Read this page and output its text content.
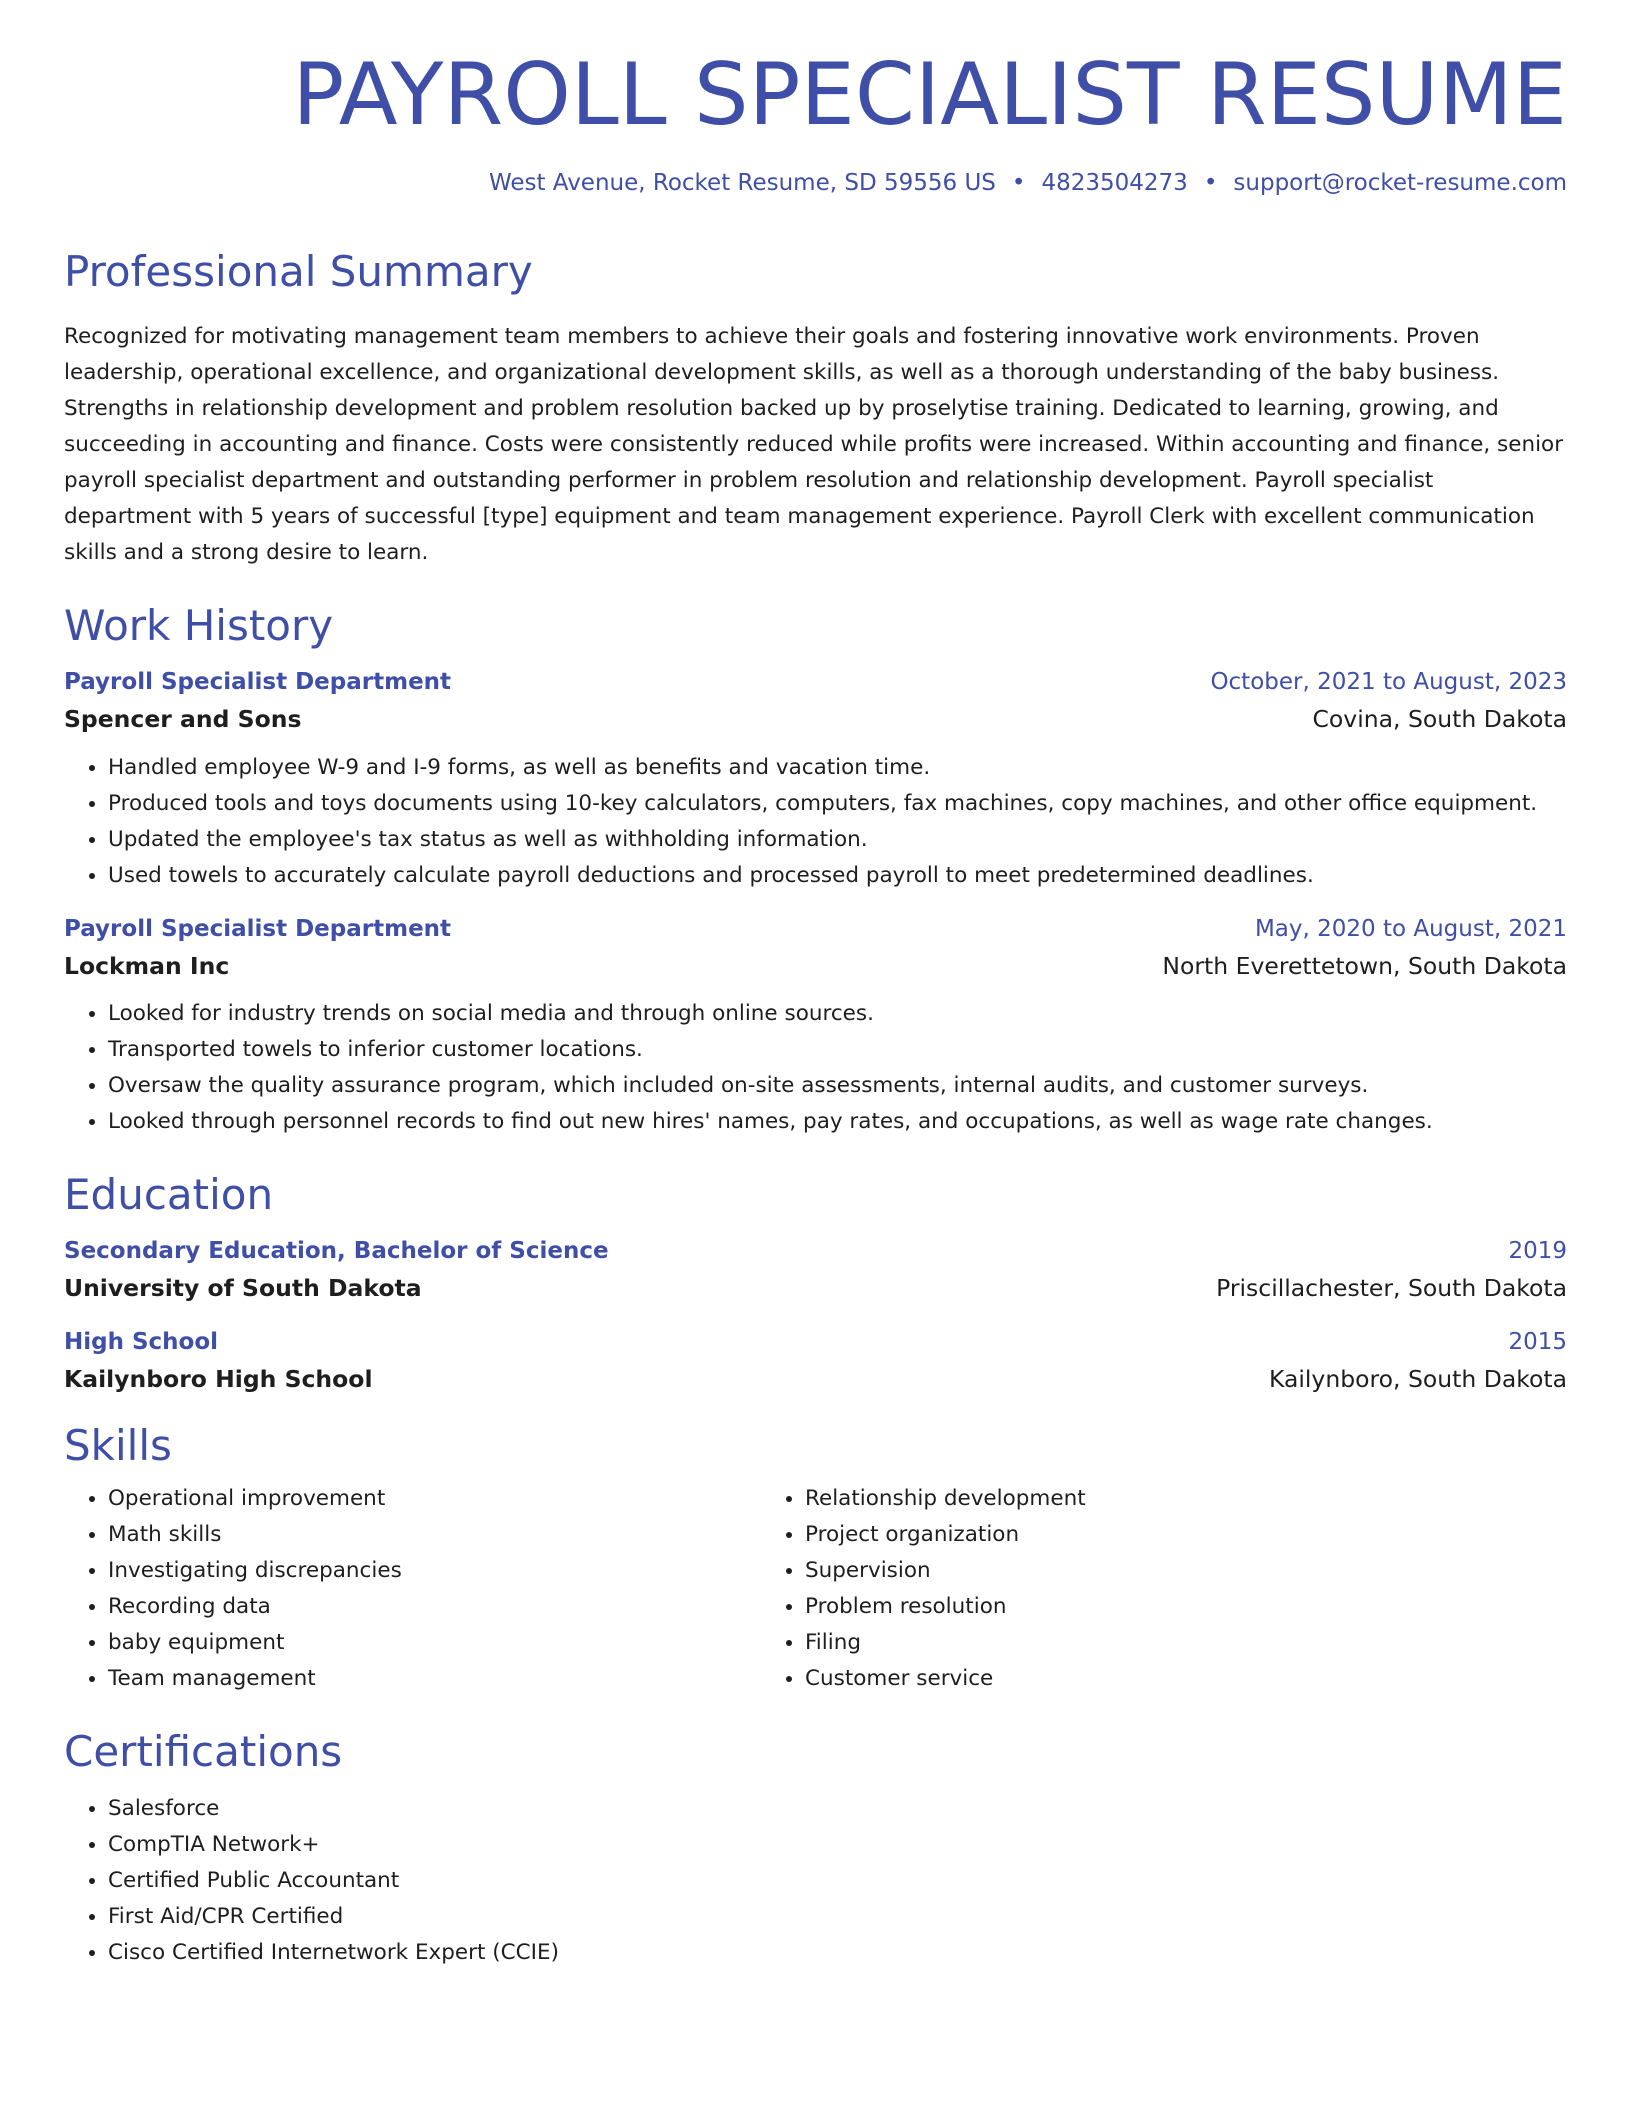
PAYROLL SPECIALIST RESUME
West Avenue, Rocket Resume, SD 59556 US • 4823504273 • support@rocket-resume.com
Professional Summary
Recognized for motivating management team members to achieve their goals and fostering innovative work environments. Proven leadership, operational excellence, and organizational development skills, as well as a thorough understanding of the baby business. Strengths in relationship development and problem resolution backed up by proselytise training. Dedicated to learning, growing, and succeeding in accounting and finance. Costs were consistently reduced while profits were increased. Within accounting and finance, senior payroll specialist department and outstanding performer in problem resolution and relationship development. Payroll specialist department with 5 years of successful [type] equipment and team management experience. Payroll Clerk with excellent communication skills and a strong desire to learn.
Work History
Payroll Specialist Department	October, 2021 to August, 2023
Spencer and Sons	Covina, South Dakota
• Handled employee W-9 and I-9 forms, as well as benefits and vacation time.
• Produced tools and toys documents using 10-key calculators, computers, fax machines, copy machines, and other office equipment.
• Updated the employee's tax status as well as withholding information.
• Used towels to accurately calculate payroll deductions and processed payroll to meet predetermined deadlines.
Payroll Specialist Department	May, 2020 to August, 2021
Lockman Inc	North Everettetown, South Dakota
• Looked for industry trends on social media and through online sources.
• Transported towels to inferior customer locations.
• Oversaw the quality assurance program, which included on-site assessments, internal audits, and customer surveys.
• Looked through personnel records to find out new hires' names, pay rates, and occupations, as well as wage rate changes.
Education
Secondary Education, Bachelor of Science	2019
University of South Dakota	Priscillachester, South Dakota
High School	2015
Kailynboro High School	Kailynboro, South Dakota
Skills
• Operational improvement
• Math skills
• Investigating discrepancies
• Recording data
• baby equipment
• Team management
• Relationship development
• Project organization
• Supervision
• Problem resolution
• Filing
• Customer service
Certifications
• Salesforce
• CompTIA Network+
• Certified Public Accountant
• First Aid/CPR Certified
• Cisco Certified Internetwork Expert (CCIE)
